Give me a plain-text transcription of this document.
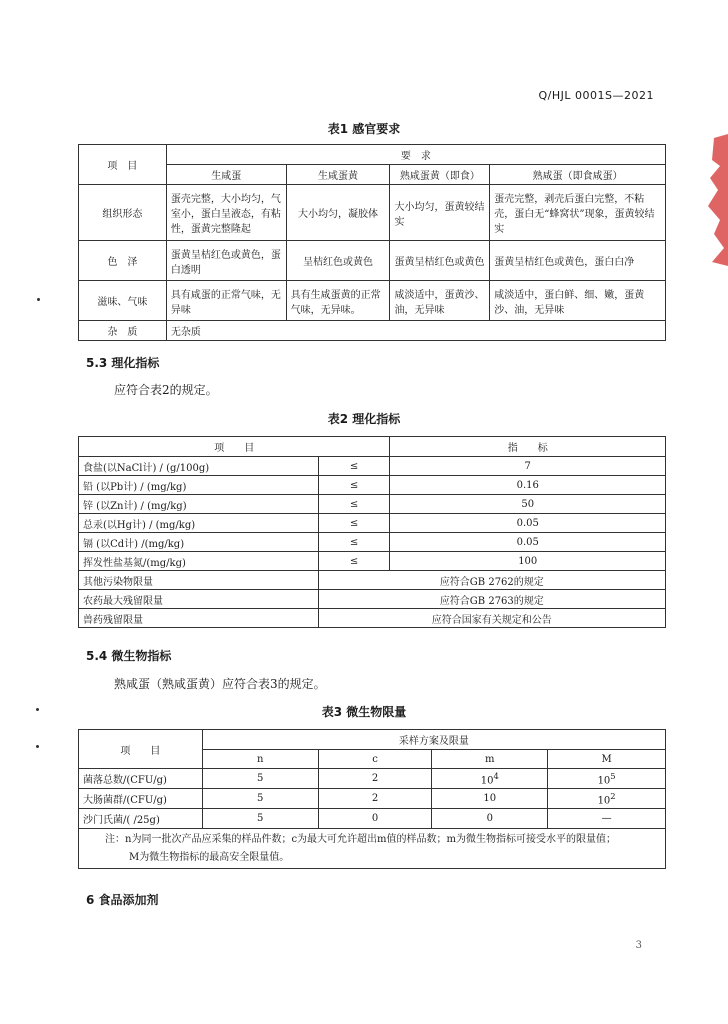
Q/HJL 0001S—2021
表1 感官要求
项　目	要　求			
	生咸蛋	生咸蛋黄	熟咸蛋黄（即食）	熟咸蛋（即食咸蛋）
组织形态	蛋壳完整，大小均匀，气室小，蛋白呈液态，有粘性，蛋黄完整隆起	大小均匀，凝胶体	大小均匀，蛋黄较结实	蛋壳完整，剥壳后蛋白完整，不粘壳，蛋白无“蜂窝状”现象，蛋黄较结实
色　泽	蛋黄呈桔红色或黄色，蛋白透明	呈桔红色或黄色	蛋黄呈桔红色或黄色	蛋黄呈桔红色或黄色，蛋白白净
滋味、气味	具有咸蛋的正常气味，无异味	具有生咸蛋黄的正常气味，无异味。	咸淡适中，蛋黄沙、油，无异味	咸淡适中，蛋白鲜、细、嫩，蛋黄沙、油，无异味
杂　质	无杂质			
5.3 理化指标
应符合表2的规定。
表2 理化指标
项　　目		指　　标
食盐(以NaCl计) / (g/100g)	≤	7
铅 (以Pb计) / (mg/kg)	≤	0.16
锌 (以Zn计) / (mg/kg)	≤	50
总汞(以Hg计) / (mg/kg)	≤	0.05
镉 (以Cd计) /(mg/kg)	≤	0.05
挥发性盐基氮/(mg/kg)	≤	100
其他污染物限量	应符合GB 2762的规定	
农药最大残留限量	应符合GB 2763的规定	
兽药残留限量	应符合国家有关规定和公告	
5.4 微生物指标
熟咸蛋（熟咸蛋黄）应符合表3的规定。
表3 微生物限量
项　　目	采样方案及限量			
	n	c	m	M
菌落总数/(CFU/g)	5	2	$10^4$	$10^5$
大肠菌群/(CFU/g)	5	2	10	$10^2$
沙门氏菌/( /25g)	5	0	0	—

注：n为同一批次产品应采集的样品件数；c为最大可允许超出m值的样品数；m为微生物指标可接受水平的限量值；
M为微生物指标的最高安全限量值。				
6 食品添加剂
3
